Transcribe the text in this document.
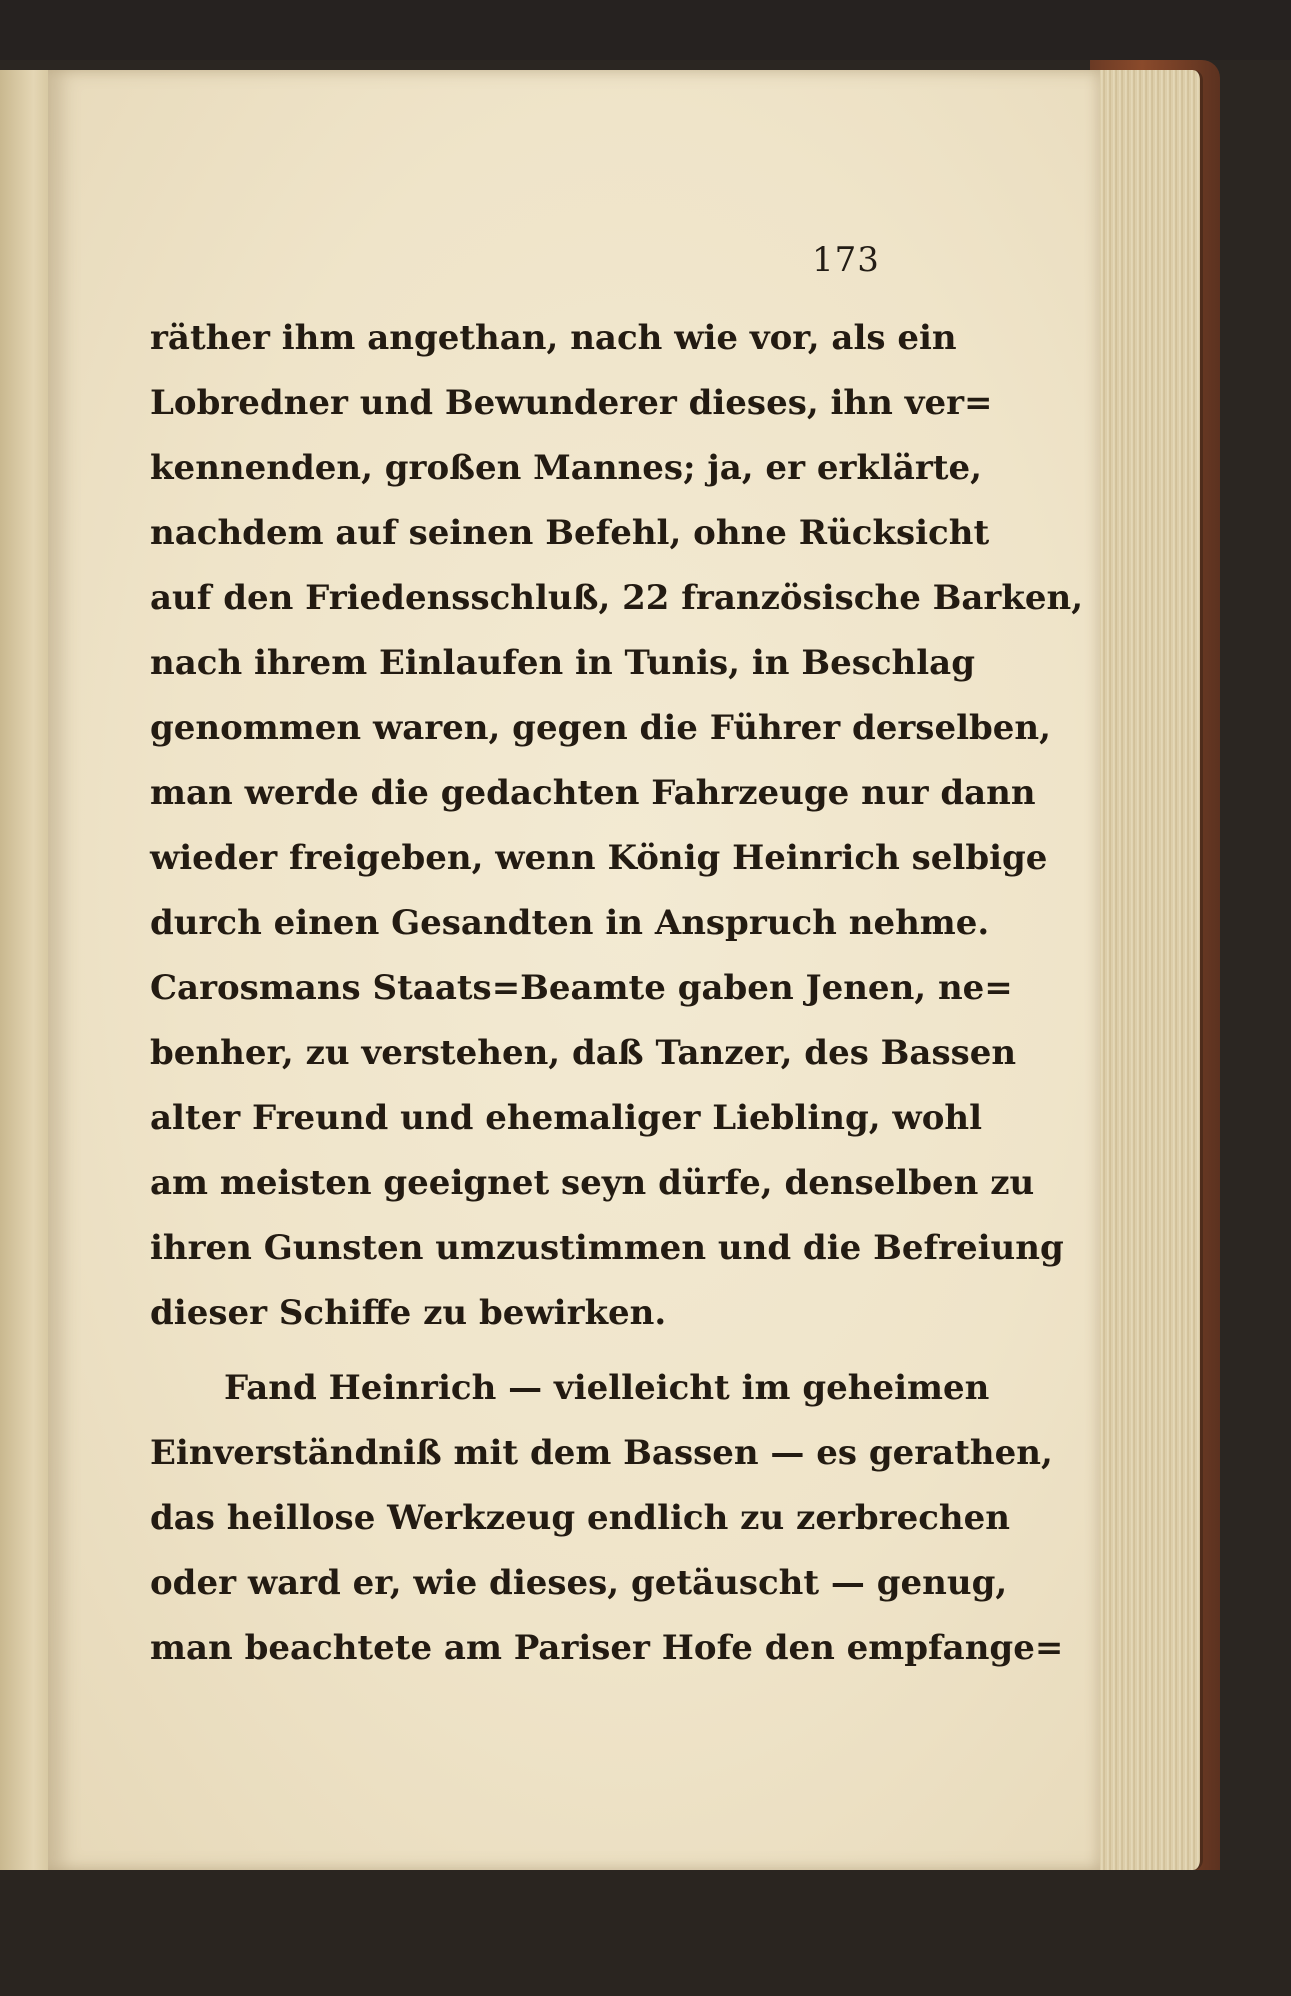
173
räther ihm angethan, nach wie vor, als ein
Lobredner und Bewunderer dieses, ihn ver=
kennenden, großen Mannes; ja, er erklärte,
nachdem auf seinen Befehl, ohne Rücksicht
auf den Friedensschluß, 22 französische Barken,
nach ihrem Einlaufen in Tunis, in Beschlag
genommen waren, gegen die Führer derselben,
man werde die gedachten Fahrzeuge nur dann
wieder freigeben, wenn König Heinrich selbige
durch einen Gesandten in Anspruch nehme.
Carosmans Staats=Beamte gaben Jenen, ne=
benher, zu verstehen, daß Tanzer, des Bassen
alter Freund und ehemaliger Liebling, wohl
am meisten geeignet seyn dürfe, denselben zu
ihren Gunsten umzustimmen und die Befreiung
dieser Schiffe zu bewirken.
Fand Heinrich — vielleicht im geheimen
Einverständniß mit dem Bassen — es gerathen,
das heillose Werkzeug endlich zu zerbrechen
oder ward er, wie dieses, getäuscht — genug,
man beachtete am Pariser Hofe den empfange=
